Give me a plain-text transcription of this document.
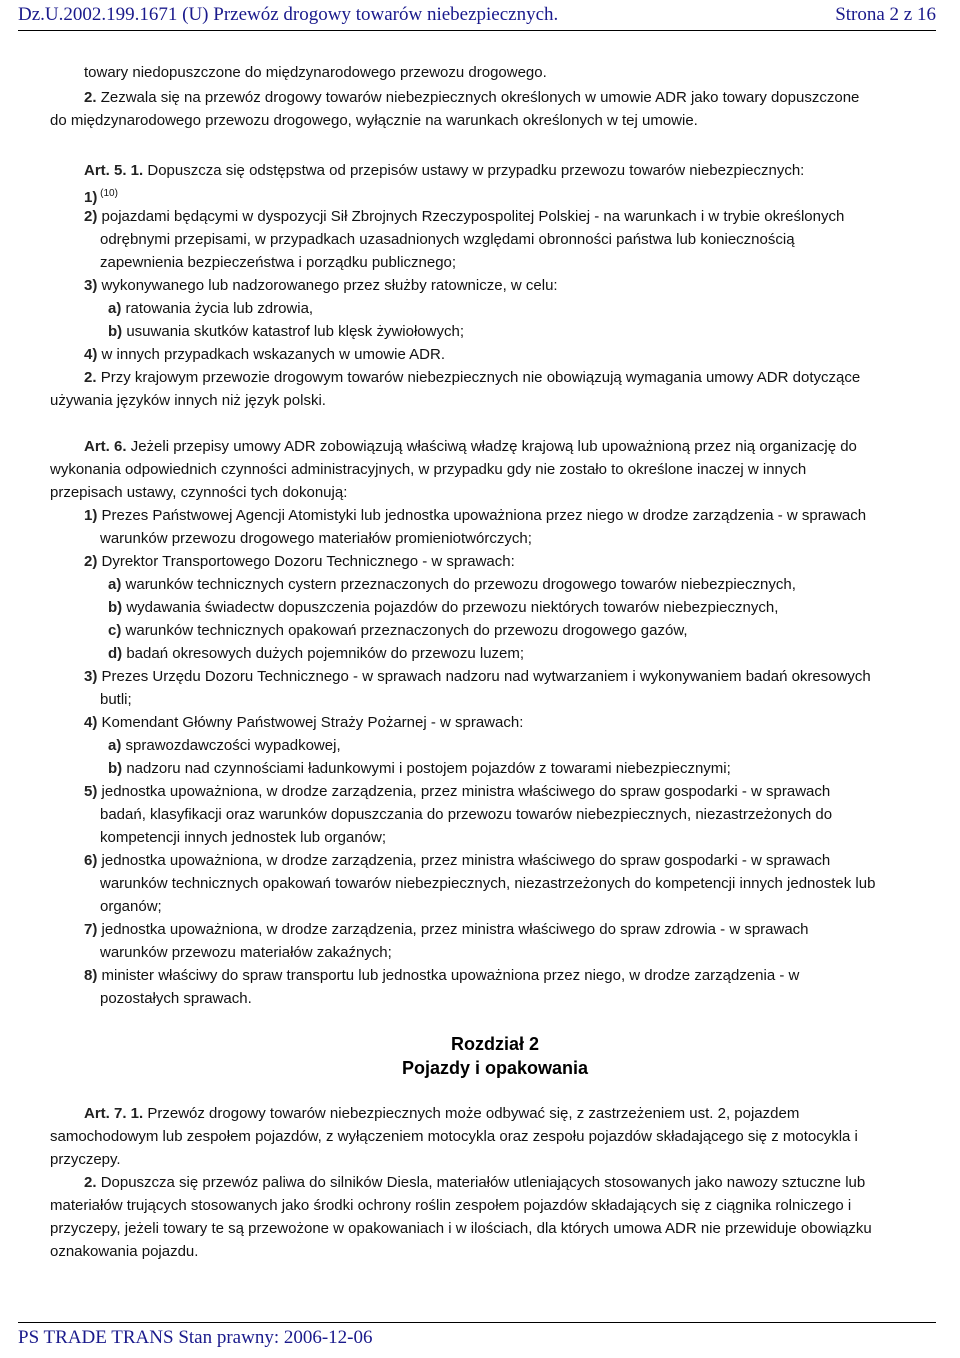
Dz.U.2002.199.1671 (U) Przewóz drogowy towarów niebezpiecznych.	Strona 2 z 16
towary niedopuszczone do międzynarodowego przewozu drogowego.
2. Zezwala się na przewóz drogowy towarów niebezpiecznych określonych w umowie ADR jako towary dopuszczone
do międzynarodowego przewozu drogowego, wyłącznie na warunkach określonych w tej umowie.
Art. 5. 1. Dopuszcza się odstępstwa od przepisów ustawy w przypadku przewozu towarów niebezpiecznych:
1) $^{(10)}$
2) pojazdami będącymi w dyspozycji Sił Zbrojnych Rzeczypospolitej Polskiej - na warunkach i w trybie określonych
odrębnymi przepisami, w przypadkach uzasadnionych względami obronności państwa lub koniecznością
zapewnienia bezpieczeństwa i porządku publicznego;
3) wykonywanego lub nadzorowanego przez służby ratownicze, w celu:
a) ratowania życia lub zdrowia,
b) usuwania skutków katastrof lub klęsk żywiołowych;
4) w innych przypadkach wskazanych w umowie ADR.
2. Przy krajowym przewozie drogowym towarów niebezpiecznych nie obowiązują wymagania umowy ADR dotyczące
używania języków innych niż język polski.
Art. 6. Jeżeli przepisy umowy ADR zobowiązują właściwą władzę krajową lub upoważnioną przez nią organizację do
wykonania odpowiednich czynności administracyjnych, w przypadku gdy nie zostało to określone inaczej w innych
przepisach ustawy, czynności tych dokonują:
1) Prezes Państwowej Agencji Atomistyki lub jednostka upoważniona przez niego w drodze zarządzenia - w sprawach
warunków przewozu drogowego materiałów promieniotwórczych;
2) Dyrektor Transportowego Dozoru Technicznego - w sprawach:
a) warunków technicznych cystern przeznaczonych do przewozu drogowego towarów niebezpiecznych,
b) wydawania świadectw dopuszczenia pojazdów do przewozu niektórych towarów niebezpiecznych,
c) warunków technicznych opakowań przeznaczonych do przewozu drogowego gazów,
d) badań okresowych dużych pojemników do przewozu luzem;
3) Prezes Urzędu Dozoru Technicznego - w sprawach nadzoru nad wytwarzaniem i wykonywaniem badań okresowych
butli;
4) Komendant Główny Państwowej Straży Pożarnej - w sprawach:
a) sprawozdawczości wypadkowej,
b) nadzoru nad czynnościami ładunkowymi i postojem pojazdów z towarami niebezpiecznymi;
5) jednostka upoważniona, w drodze zarządzenia, przez ministra właściwego do spraw gospodarki - w sprawach
badań, klasyfikacji oraz warunków dopuszczania do przewozu towarów niebezpiecznych, niezastrzeżonych do
kompetencji innych jednostek lub organów;
6) jednostka upoważniona, w drodze zarządzenia, przez ministra właściwego do spraw gospodarki - w sprawach
warunków technicznych opakowań towarów niebezpiecznych, niezastrzeżonych do kompetencji innych jednostek lub
organów;
7) jednostka upoważniona, w drodze zarządzenia, przez ministra właściwego do spraw zdrowia - w sprawach
warunków przewozu materiałów zakaźnych;
8) minister właściwy do spraw transportu lub jednostka upoważniona przez niego, w drodze zarządzenia - w
pozostałych sprawach.
Art. 7. 1. Przewóz drogowy towarów niebezpiecznych może odbywać się, z zastrzeżeniem ust. 2, pojazdem
samochodowym lub zespołem pojazdów, z wyłączeniem motocykla oraz zespołu pojazdów składającego się z motocykla i
przyczepy.
2. Dopuszcza się przewóz paliwa do silników Diesla, materiałów utleniających stosowanych jako nawozy sztuczne lub
materiałów trujących stosowanych jako środki ochrony roślin zespołem pojazdów składających się z ciągnika rolniczego i
przyczepy, jeżeli towary te są przewożone w opakowaniach i w ilościach, dla których umowa ADR nie przewiduje obowiązku
oznakowania pojazdu.
Rozdział 2
Pojazdy i opakowania
PS TRADE TRANS Stan prawny: 2006-12-06
